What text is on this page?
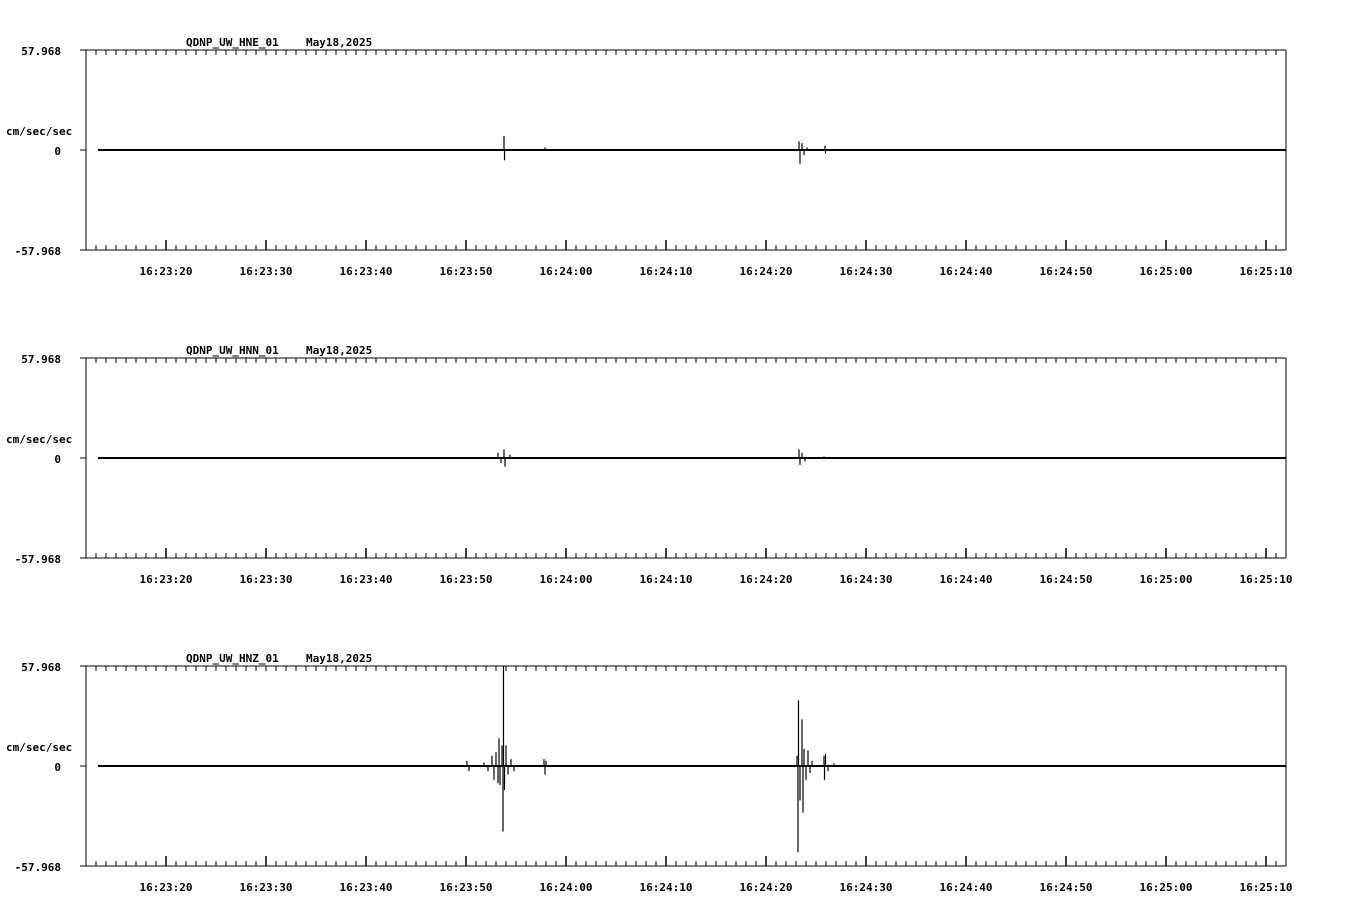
QDNP_UW_HNE_01 May18,2025
57.968
0
-57.968
cm/sec/sec
16:23:20	16:23:30	16:23:40	16:23:50	16:24:00	16:24:10	16:24:20	16:24:30	16:24:40	16:24:50	16:25:00	16:25:10
QDNP_UW_HNN_01 May18,2025
57.968
0
-57.968
cm/sec/sec
16:23:20	16:23:30	16:23:40	16:23:50	16:24:00	16:24:10	16:24:20	16:24:30	16:24:40	16:24:50	16:25:00	16:25:10
QDNP_UW_HNZ_01 May18,2025
57.968
0
-57.968
cm/sec/sec
16:23:20	16:23:30	16:23:40	16:23:50	16:24:00	16:24:10	16:24:20	16:24:30	16:24:40	16:24:50	16:25:00	16:25:10
